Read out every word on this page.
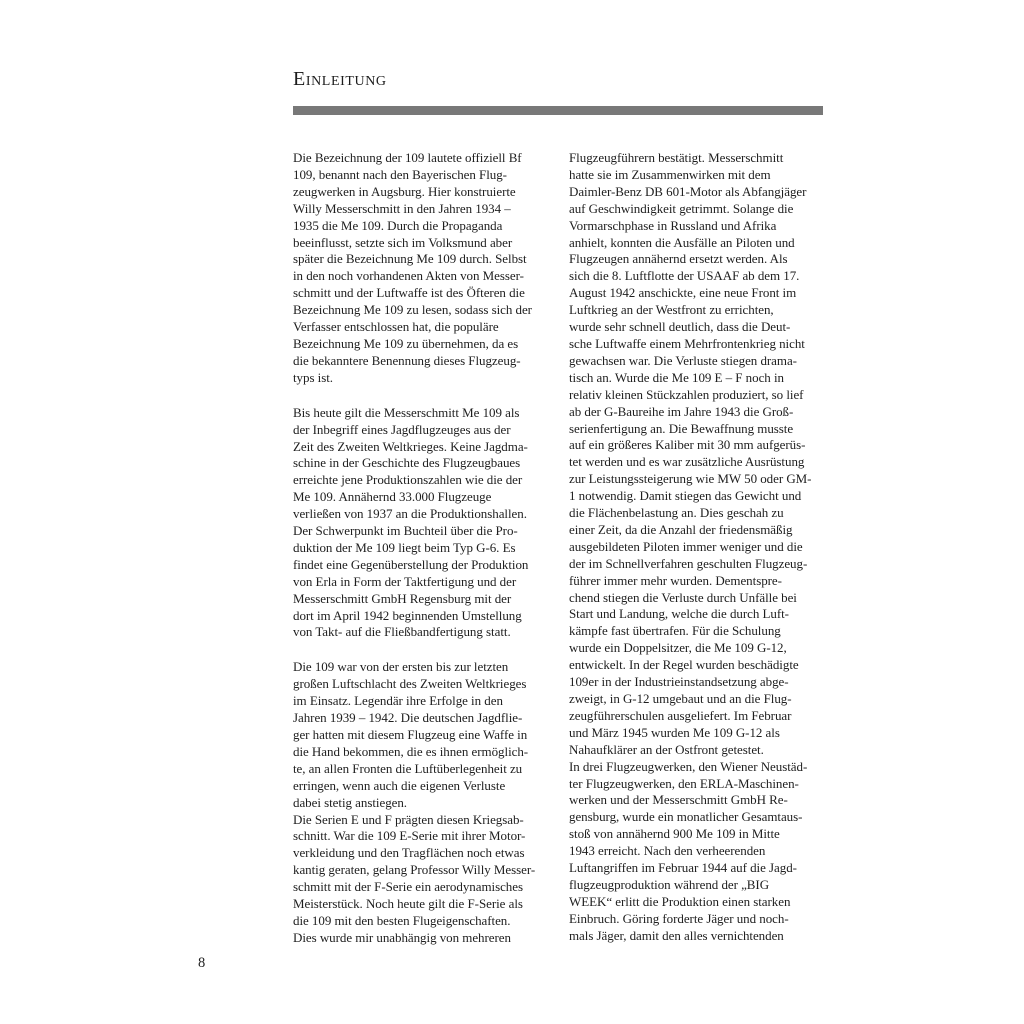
Einleitung

Die Bezeichnung der 109 lautete offiziell Bf
109, benannt nach den Bayerischen Flug-
zeugwerken in Augsburg. Hier konstruierte
Willy Messerschmitt in den Jahren 1934 –
1935 die Me 109. Durch die Propaganda
beeinflusst, setzte sich im Volksmund aber
später die Bezeichnung Me 109 durch. Selbst
in den noch vorhandenen Akten von Messer-
schmitt und der Luftwaffe ist des Öfteren die
Bezeichnung Me 109 zu lesen, sodass sich der
Verfasser entschlossen hat, die populäre
Bezeichnung Me 109 zu übernehmen, da es
die bekanntere Benennung dieses Flugzeug-
typs ist.

Bis heute gilt die Messerschmitt Me 109 als
der Inbegriff eines Jagdflugzeuges aus der
Zeit des Zweiten Weltkrieges. Keine Jagdma-
schine in der Geschichte des Flugzeugbaues
erreichte jene Produktionszahlen wie die der
Me 109. Annähernd 33.000 Flugzeuge
verließen von 1937 an die Produktionshallen.
Der Schwerpunkt im Buchteil über die Pro-
duktion der Me 109 liegt beim Typ G-6. Es
findet eine Gegenüberstellung der Produktion
von Erla in Form der Taktfertigung und der
Messerschmitt GmbH Regensburg mit der
dort im April 1942 beginnenden Umstellung
von Takt- auf die Fließbandfertigung statt.

Die 109 war von der ersten bis zur letzten
großen Luftschlacht des Zweiten Weltkrieges
im Einsatz. Legendär ihre Erfolge in den
Jahren 1939 – 1942. Die deutschen Jagdflie-
ger hatten mit diesem Flugzeug eine Waffe in
die Hand bekommen, die es ihnen ermöglich-
te, an allen Fronten die Luftüberlegenheit zu
erringen, wenn auch die eigenen Verluste
dabei stetig anstiegen.
Die Serien E und F prägten diesen Kriegsab-
schnitt. War die 109 E-Serie mit ihrer Motor-
verkleidung und den Tragflächen noch etwas
kantig geraten, gelang Professor Willy Messer-
schmitt mit der F-Serie ein aerodynamisches
Meisterstück. Noch heute gilt die F-Serie als
die 109 mit den besten Flugeigenschaften.
Dies wurde mir unabhängig von mehreren

Flugzeugführern bestätigt. Messerschmitt
hatte sie im Zusammenwirken mit dem
Daimler-Benz DB 601-Motor als Abfangjäger
auf Geschwindigkeit getrimmt. Solange die
Vormarschphase in Russland und Afrika
anhielt, konnten die Ausfälle an Piloten und
Flugzeugen annähernd ersetzt werden. Als
sich die 8. Luftflotte der USAAF ab dem 17.
August 1942 anschickte, eine neue Front im
Luftkrieg an der Westfront zu errichten,
wurde sehr schnell deutlich, dass die Deut-
sche Luftwaffe einem Mehrfrontenkrieg nicht
gewachsen war. Die Verluste stiegen drama-
tisch an. Wurde die Me 109 E – F noch in
relativ kleinen Stückzahlen produziert, so lief
ab der G-Baureihe im Jahre 1943 die Groß-
serienfertigung an. Die Bewaffnung musste
auf ein größeres Kaliber mit 30 mm aufgerüs-
tet werden und es war zusätzliche Ausrüstung
zur Leistungssteigerung wie MW 50 oder GM-
1 notwendig. Damit stiegen das Gewicht und
die Flächenbelastung an. Dies geschah zu
einer Zeit, da die Anzahl der friedensmäßig
ausgebildeten Piloten immer weniger und die
der im Schnellverfahren geschulten Flugzeug-
führer immer mehr wurden. Dementspre-
chend stiegen die Verluste durch Unfälle bei
Start und Landung, welche die durch Luft-
kämpfe fast übertrafen. Für die Schulung
wurde ein Doppelsitzer, die Me 109 G-12,
entwickelt. In der Regel wurden beschädigte
109er in der Industrieinstandsetzung abge-
zweigt, in G-12 umgebaut und an die Flug-
zeugführerschulen ausgeliefert. Im Februar
und März 1945 wurden Me 109 G-12 als
Nahaufklärer an der Ostfront getestet.
In drei Flugzeugwerken, den Wiener Neustäd-
ter Flugzeugwerken, den ERLA-Maschinen-
werken und der Messerschmitt GmbH Re-
gensburg, wurde ein monatlicher Gesamtaus-
stoß von annähernd 900 Me 109 in Mitte
1943 erreicht. Nach den verheerenden
Luftangriffen im Februar 1944 auf die Jagd-
flugzeugproduktion während der „BIG
WEEK“ erlitt die Produktion einen starken
Einbruch. Göring forderte Jäger und noch-
mals Jäger, damit den alles vernichtenden

8
